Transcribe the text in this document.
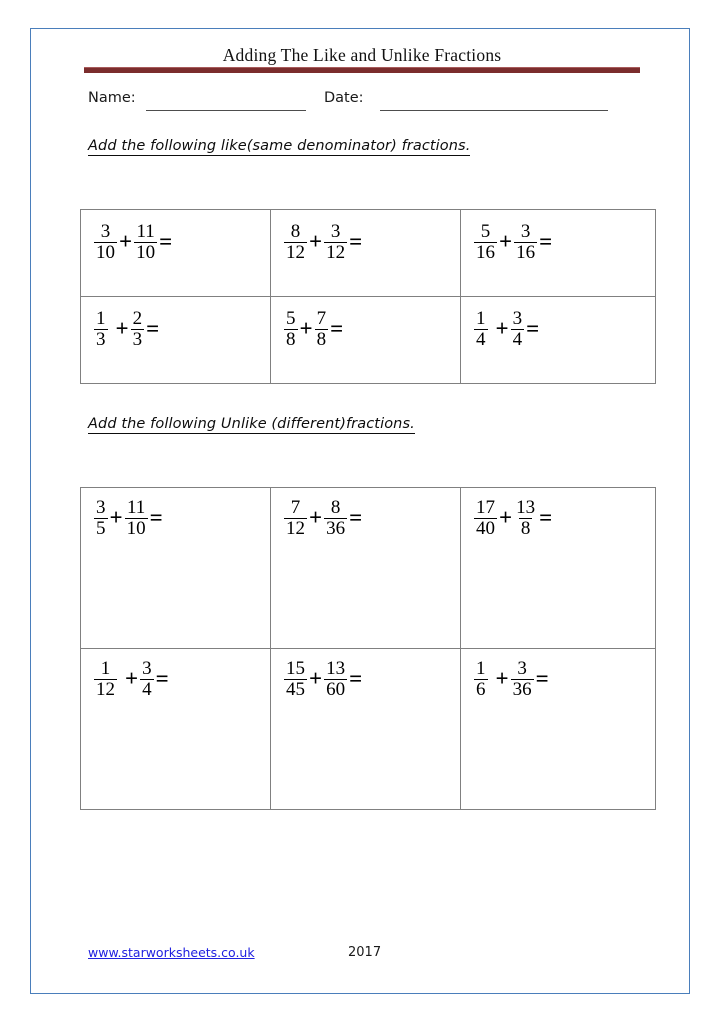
Adding The Like and Unlike Fractions
Name:	Date:
Add the following like(same denominator) fractions.
$\frac{3}{10} + \frac{11}{10}$ =	$\frac{8}{12} + \frac{3}{12}$ =	$\frac{5}{16} + \frac{3}{16}$ =

$\frac{1}{3} + \frac{2}{3}$ =	$\frac{5}{8} + \frac{7}{8}$ =	$\frac{1}{4} + \frac{3}{4}$ =
Add the following Unlike (different)fractions.
$\frac{3}{5} + \frac{11}{10}$ =	$\frac{7}{12} + \frac{8}{36}$ =	$\frac{17}{40} + \frac{13}{8}$ =

$\frac{1}{12} + \frac{3}{4}$ =	$\frac{15}{45} + \frac{13}{60}$ =	$\frac{1}{6} + \frac{3}{36}$ =
www.starworksheets.co.uk	2017
